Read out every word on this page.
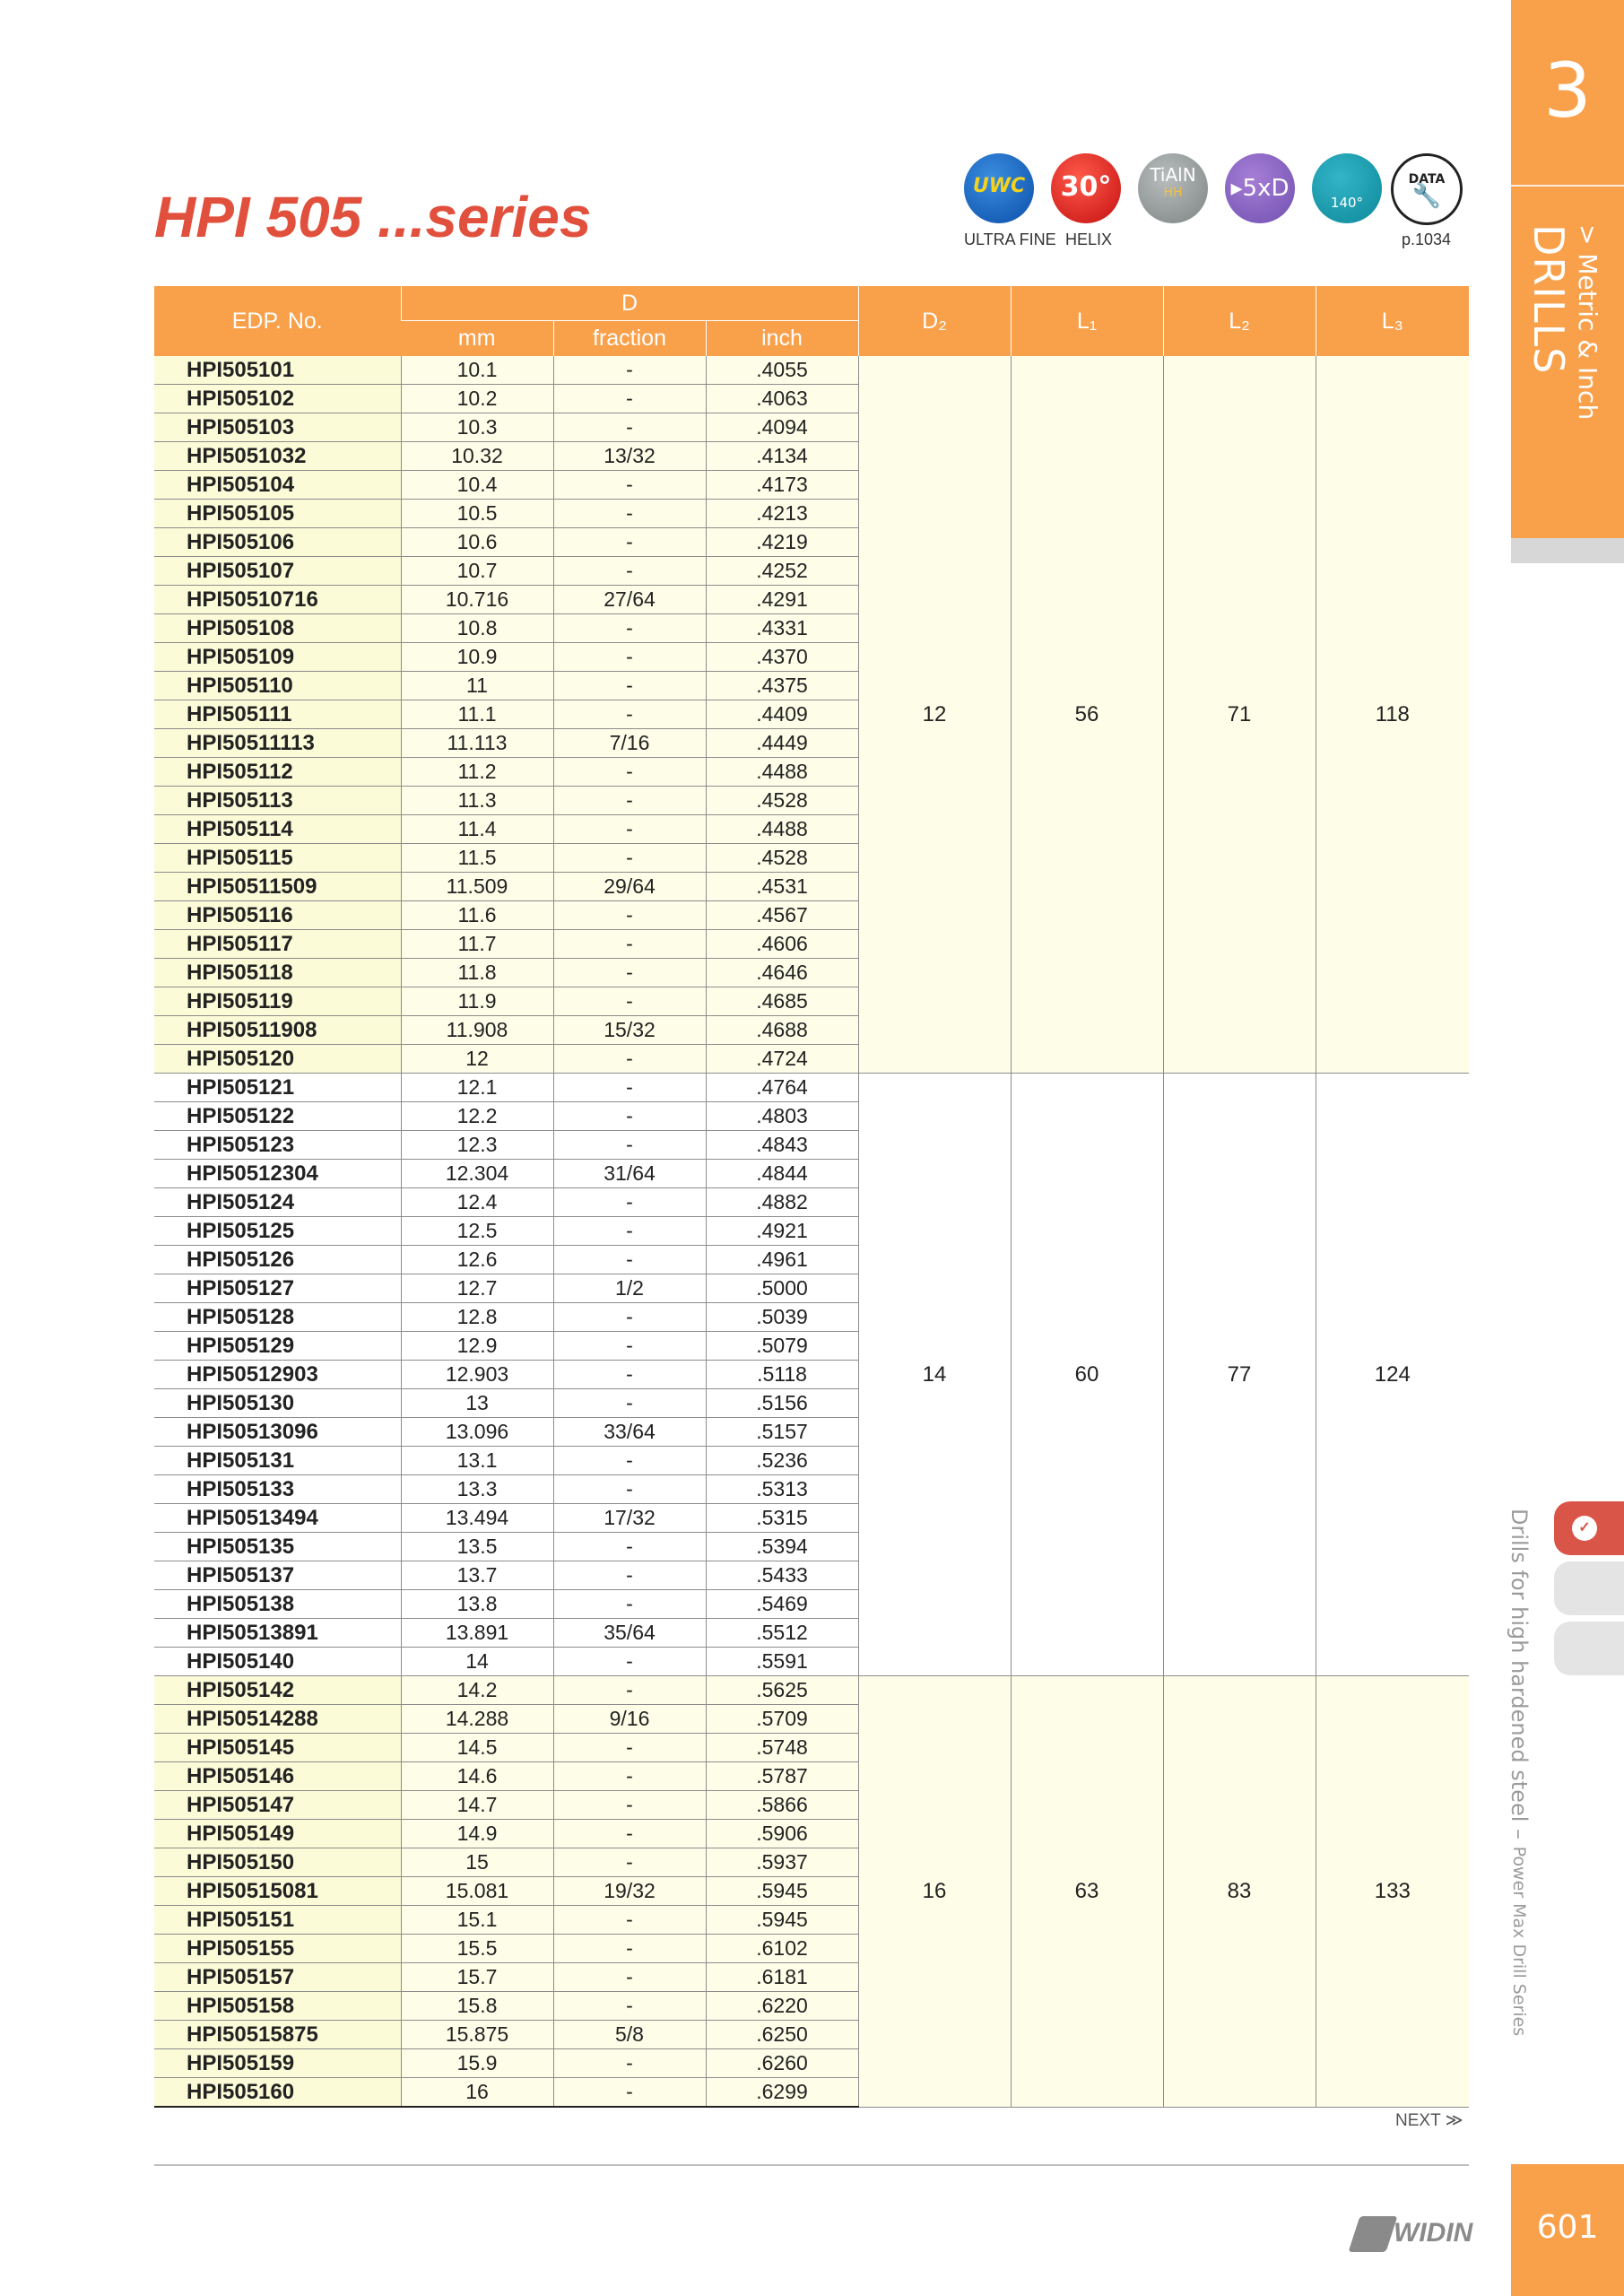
3
DRILLS > Metric & Inch
✓
Drills for high hardened steel – Power Max Drill Series
HPI 505 ...series	UWC	30°	TiAlN
HH	▸5xD
140°
DATA
🔧
ULTRA FINE HELIX	p.1034
EDP. No.	D			D₂	L₁	L₂	L₃
	mm	fraction	inch				
HPI505101	10.1	-	.4055	12	56	71	118
HPI505102	10.2	-	.4063				
HPI505103	10.3	-	.4094				
HPI5051032	10.32	13/32	.4134				
HPI505104	10.4	-	.4173				
HPI505105	10.5	-	.4213				
HPI505106	10.6	-	.4219				
HPI505107	10.7	-	.4252				
HPI50510716	10.716	27/64	.4291				
HPI505108	10.8	-	.4331				
HPI505109	10.9	-	.4370				
HPI505110	11	-	.4375				
HPI505111	11.1	-	.4409				
HPI50511113	11.113	7/16	.4449				
HPI505112	11.2	-	.4488				
HPI505113	11.3	-	.4528				
HPI505114	11.4	-	.4488				
HPI505115	11.5	-	.4528				
HPI50511509	11.509	29/64	.4531				
HPI505116	11.6	-	.4567				
HPI505117	11.7	-	.4606				
HPI505118	11.8	-	.4646				
HPI505119	11.9	-	.4685				
HPI50511908	11.908	15/32	.4688				
HPI505120	12	-	.4724				
HPI505121	12.1	-	.4764	14	60	77	124
HPI505122	12.2	-	.4803				
HPI505123	12.3	-	.4843				
HPI50512304	12.304	31/64	.4844				
HPI505124	12.4	-	.4882				
HPI505125	12.5	-	.4921				
HPI505126	12.6	-	.4961				
HPI505127	12.7	1/2	.5000				
HPI505128	12.8	-	.5039				
HPI505129	12.9	-	.5079				
HPI50512903	12.903	-	.5118				
HPI505130	13	-	.5156				
HPI50513096	13.096	33/64	.5157				
HPI505131	13.1	-	.5236				
HPI505133	13.3	-	.5313				
HPI50513494	13.494	17/32	.5315				
HPI505135	13.5	-	.5394				
HPI505137	13.7	-	.5433				
HPI505138	13.8	-	.5469				
HPI50513891	13.891	35/64	.5512				
HPI505140	14	-	.5591				
HPI505142	14.2	-	.5625	16	63	83	133
HPI50514288	14.288	9/16	.5709				
HPI505145	14.5	-	.5748				
HPI505146	14.6	-	.5787				
HPI505147	14.7	-	.5866				
HPI505149	14.9	-	.5906				
HPI505150	15	-	.5937				
HPI50515081	15.081	19/32	.5945				
HPI505151	15.1	-	.5945				
HPI505155	15.5	-	.6102				
HPI505157	15.7	-	.6181				
HPI505158	15.8	-	.6220				
HPI50515875	15.875	5/8	.6250				
HPI505159	15.9	-	.6260				
HPI505160	16	-	.6299				
NEXT ≫
WIDIN	601
